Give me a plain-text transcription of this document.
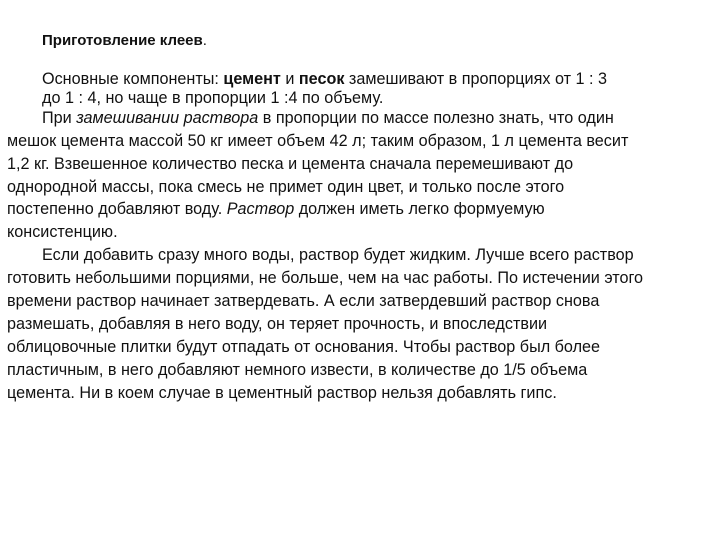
Приготовление клеев.
Основные компоненты: цемент и песок замешивают в пропорциях от 1 : 3
до 1 : 4, но чаще в пропорции 1 :4 по объему.
При замешивании раствора в пропорции по массе полезно знать, что один
мешок цемента массой 50 кг имеет объем 42 л; таким образом, 1 л цемента весит
1,2 кг. Взвешенное количество песка и цемента сначала перемешивают до
однородной массы, пока смесь не примет один цвет, и только после этого
постепенно добавляют воду. Раствор должен иметь легко формуемую
консистенцию.
Если добавить сразу много воды, раствор будет жидким. Лучше всего раствор
готовить небольшими порциями, не больше, чем на час работы. По истечении этого
времени раствор начинает затвердевать. А если затвердевший раствор снова
размешать, добавляя в него воду, он теряет прочность, и впоследствии
облицовочные плитки будут отпадать от основания. Чтобы раствор был более
пластичным, в него добавляют немного извести, в количестве до 1/5 объема
цемента. Ни в коем случае в цементный раствор нельзя добавлять гипс.
